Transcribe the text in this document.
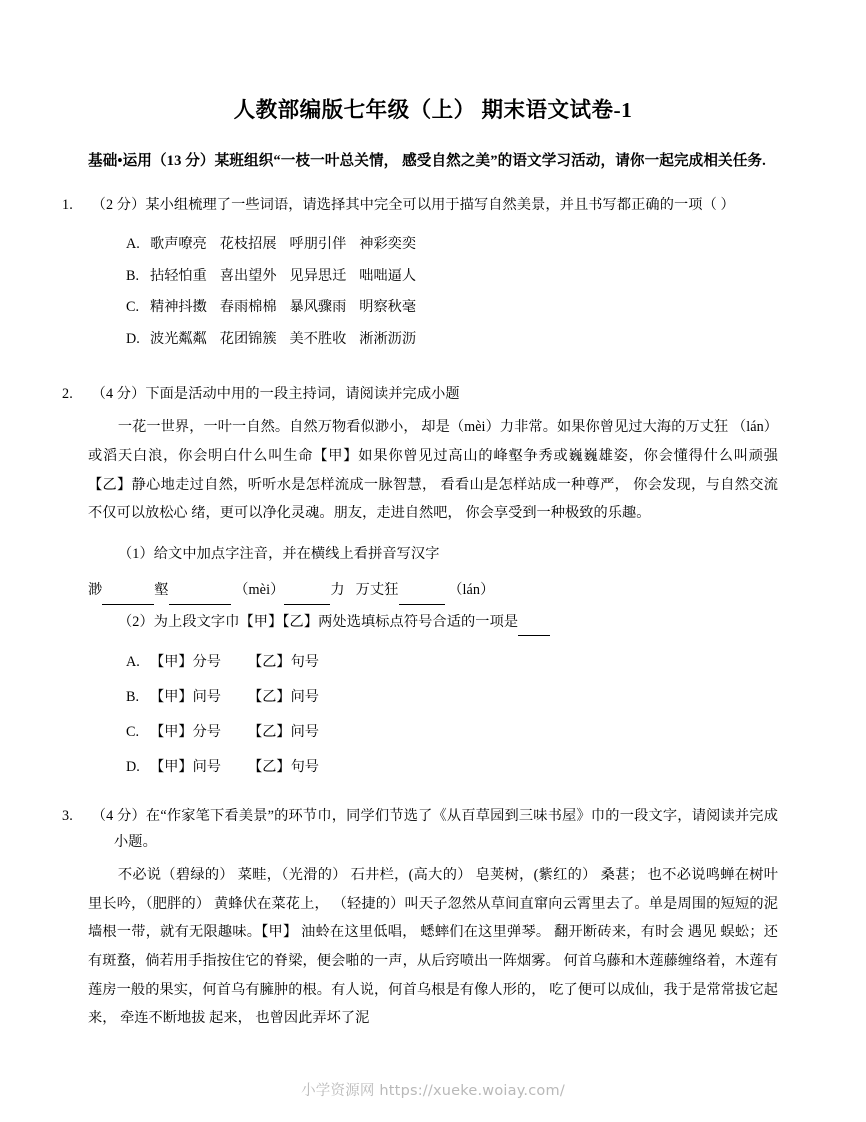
人教部编版七年级（上） 期末语文试卷-1

基础•运用（13 分）某班组织“一枝一叶总关情， 感受自然之美”的语文学习活动，请你一起完成相关任务.

1. （2 分）某小组梳理了一些词语，请选择其中完全可以用于描写自然美景，并且书写都正确的一项（ ）
A. 歌声嘹亮 花枝招展 呼朋引伴 神彩奕奕
B. 拈轻怕重 喜出望外 见异思迁 咄咄逼人
C. 精神抖擞 春雨棉棉 暴风骤雨 明察秋毫
D. 波光粼粼 花团锦簇 美不胜收 淅淅沥沥
2. （4 分）下面是活动中用的一段主持词，请阅读并完成小题

一花一世界，一叶一自然。自然万物看似渺小， 却是（mèi）力非常。如果你曾见过大海的万丈狂 （lán）或滔天白浪，你会明白什么叫生命【甲】如果你曾见过高山的峰壑争秀或巍巍雄姿，你会懂得什么叫顽强【乙】静心地走过自然，听听水是怎样流成一脉智慧， 看看山是怎样站成一种尊严， 你会发现，与自然交流不仅可以放松心 绪，更可以净化灵魂。朋友，走进自然吧， 你会享受到一种极致的乐趣。

（1）给文中加点字注音，并在横线上看拼音写汉字
渺	壑	（mèi）	力 万丈狂	（lán）
（2）为上段文字巾【甲】【乙】两处选填标点符号合适的一项是
A. 【甲】分号 【乙】句号
B. 【甲】问号 【乙】问号
C. 【甲】分号 【乙】问号
D. 【甲】问号 【乙】句号
3. （4 分）在“作家笔下看美景”的环节巾，同学们节选了《从百草园到三味书屋》巾的一段文字，请阅读并完成小题。

不必说（碧绿的） 菜畦，（光滑的） 石井栏，(高大的） 皂荚树，(紫红的） 桑葚； 也不必说鸣蝉在树叶里长吟，（肥胖的） 黄蜂伏在菜花上， （轻捷的）叫天子忽然从草间直窜向云霄里去了。单是周围的短短的泥墙根一带，就有无限趣味。【甲】 油蛉在这里低唱， 蟋蟀们在这里弹琴。 翻开断砖来，有时会 遇见 蜈蚣；还有斑蝥，倘若用手指按住它的脊梁，便会啪的一声，从后窍喷出一阵烟雾。 何首乌藤和木莲藤缠络着，木莲有莲房一般的果实，何首乌有臃肿的根。有人说，何首乌根是有像人形的， 吃了便可以成仙，我于是常常拔它起来， 牵连不断地拔 起来， 也曾因此弄坏了泥

小学资源网 https://xueke.woiay.com/
